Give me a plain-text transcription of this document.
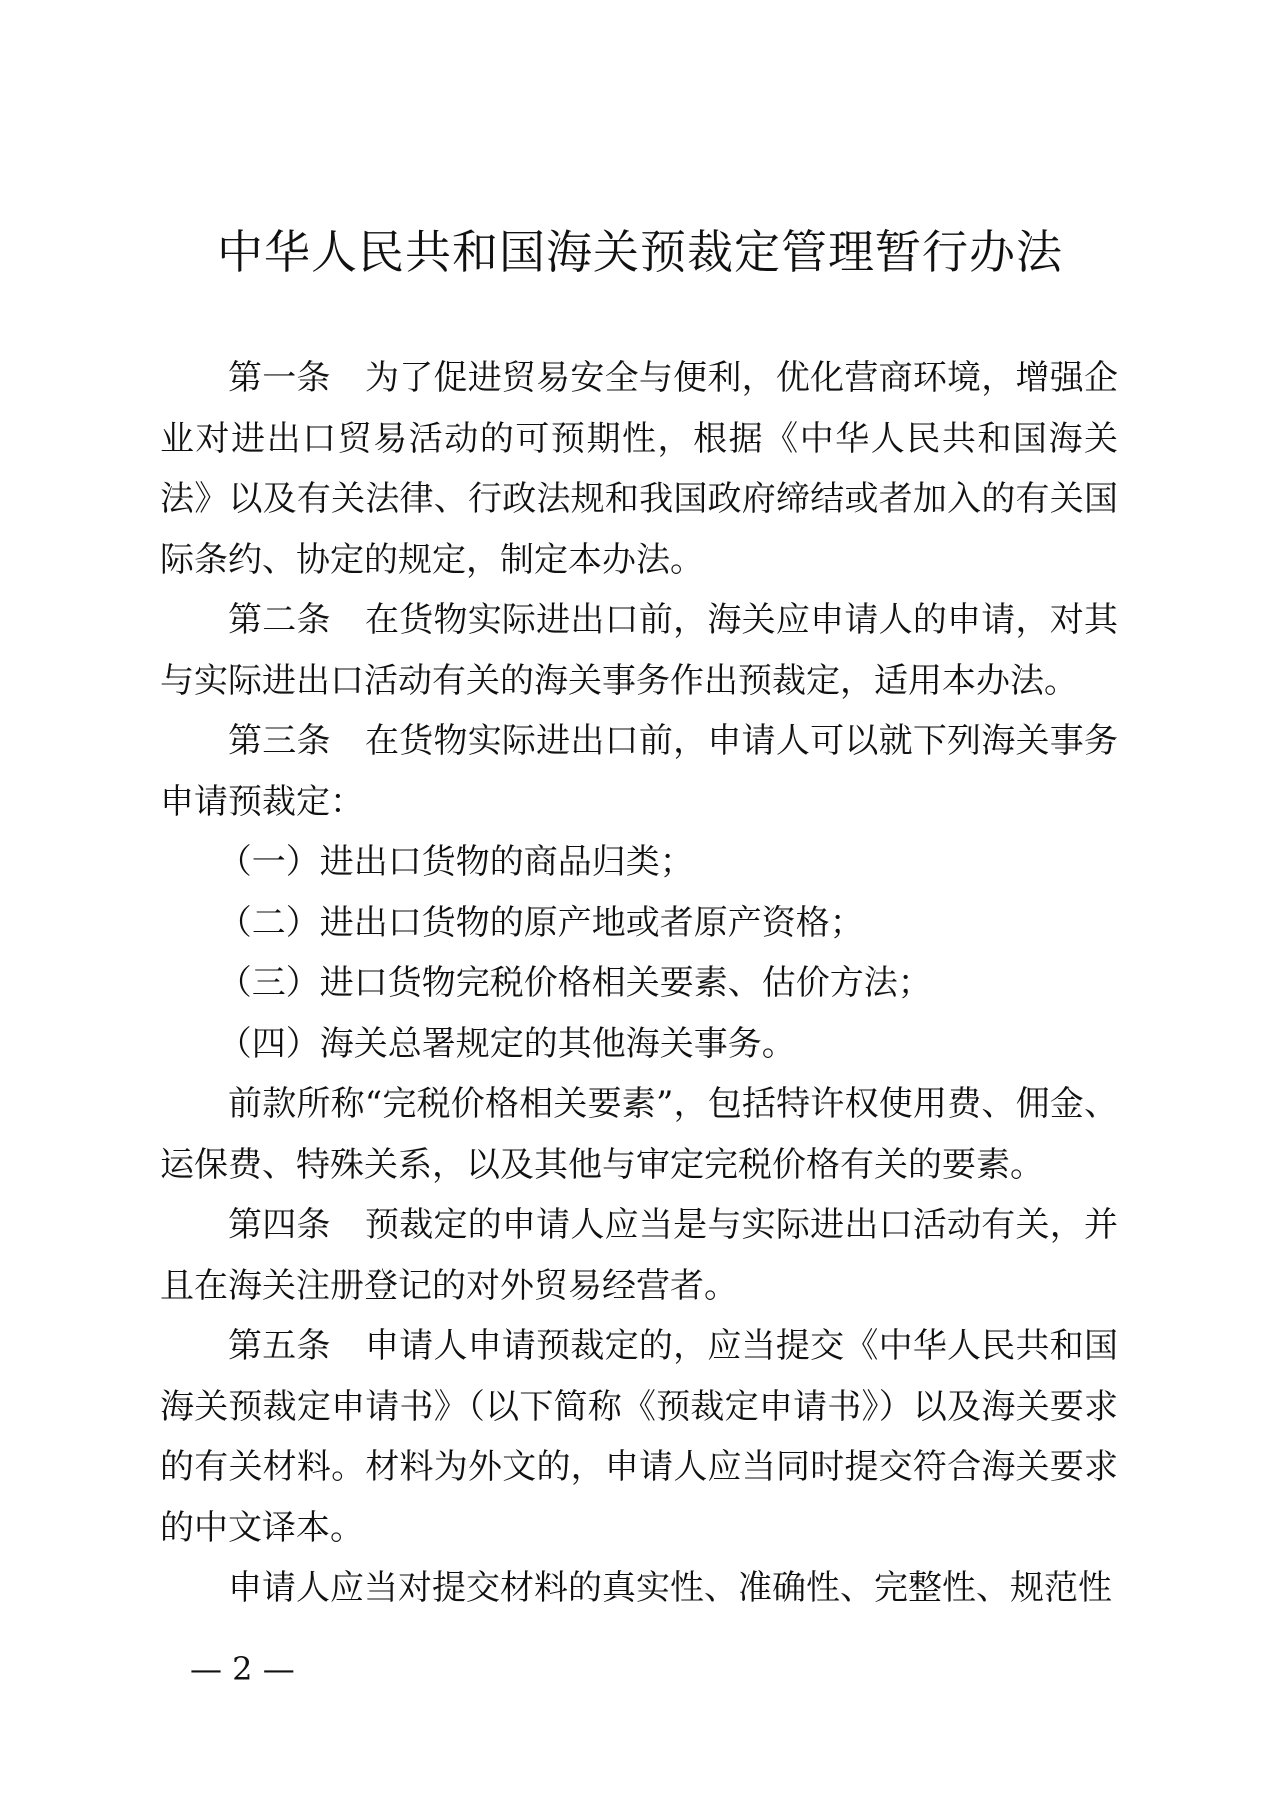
中华人民共和国海关预裁定管理暂行办法

第一条 为了促进贸易安全与便利，优化营商环境，增强企业对进出口贸易活动的可预期性，根据《中华人民共和国海关法》以及有关法律、行政法规和我国政府缔结或者加入的有关国际条约、协定的规定，制定本办法。

第二条 在货物实际进出口前，海关应申请人的申请，对其与实际进出口活动有关的海关事务作出预裁定，适用本办法。

第三条 在货物实际进出口前，申请人可以就下列海关事务申请预裁定：

（一）进出口货物的商品归类；

（二）进出口货物的原产地或者原产资格；

（三）进口货物完税价格相关要素、估价方法；

（四）海关总署规定的其他海关事务。

前款所称“完税价格相关要素”，包括特许权使用费、佣金、运保费、特殊关系，以及其他与审定完税价格有关的要素。

第四条 预裁定的申请人应当是与实际进出口活动有关，并且在海关注册登记的对外贸易经营者。

第五条 申请人申请预裁定的，应当提交《中华人民共和国海关预裁定申请书》（以下简称《预裁定申请书》）以及海关要求的有关材料。材料为外文的，申请人应当同时提交符合海关要求的中文译本。

申请人应当对提交材料的真实性、准确性、完整性、规范性

— 2 —
